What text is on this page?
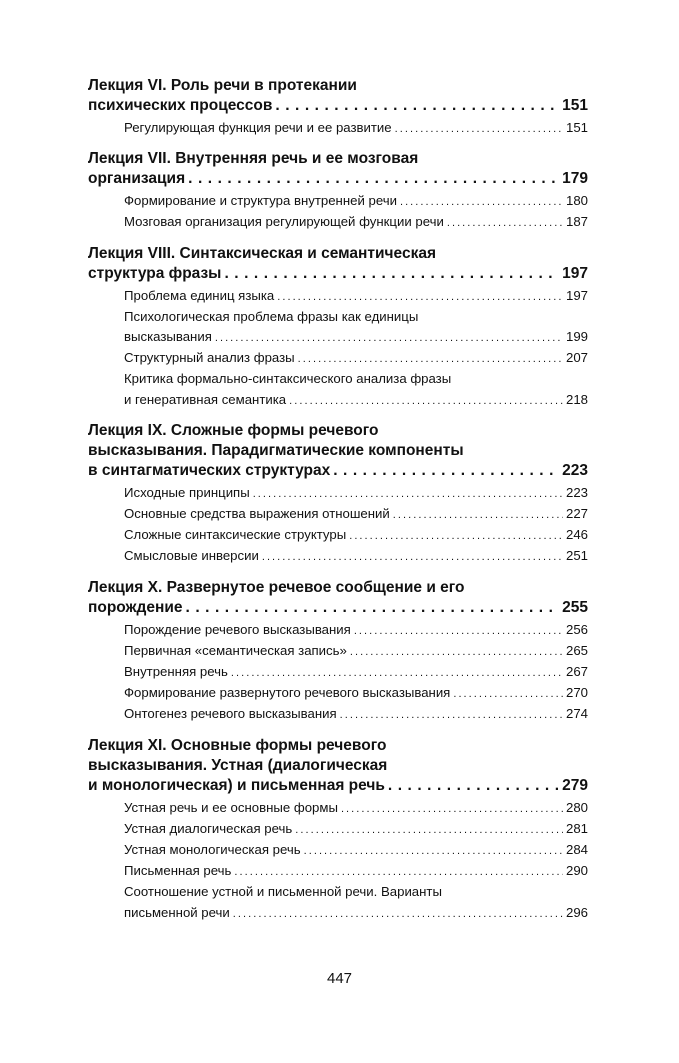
Лекция VI. Роль речи в протекании
психических процессов . . .	151
Регулирующая функция речи и ее развитие . . .	151
Лекция VII. Внутренняя речь и ее мозговая
организация . . .	179
Формирование и структура внутренней речи . . .	180
Мозговая организация регулирующей функции речи . . .	187
Лекция VIII. Синтаксическая и семантическая
структура фразы . . .	197
Проблема единиц языка . . .	197
Психологическая проблема фразы как единицы
высказывания . . .	199
Структурный анализ фразы . . .	207
Критика формально-синтаксического анализа фразы
и генеративная семантика . . .	218
Лекция IX. Сложные формы речевого
высказывания. Парадигматические компоненты
в синтагматических структурах . . .	223
Исходные принципы . . .	223
Основные средства выражения отношений . . .	227
Сложные синтаксические структуры . . .	246
Смысловые инверсии . . .	251
Лекция X. Развернутое речевое сообщение и его
порождение . . .	255
Порождение речевого высказывания . . .	256
Первичная «семантическая запись» . . .	265
Внутренняя речь . . .	267
Формирование развернутого речевого высказывания . . .	270
Онтогенез речевого высказывания . . .	274
Лекция XI. Основные формы речевого
высказывания. Устная (диалогическая
и монологическая) и письменная речь . . .	279
Устная речь и ее основные формы . . .	280
Устная диалогическая речь . . .	281
Устная монологическая речь . . .	284
Письменная речь . . .	290
Соотношение устной и письменной речи. Варианты
письменной речи . . .	296
447
